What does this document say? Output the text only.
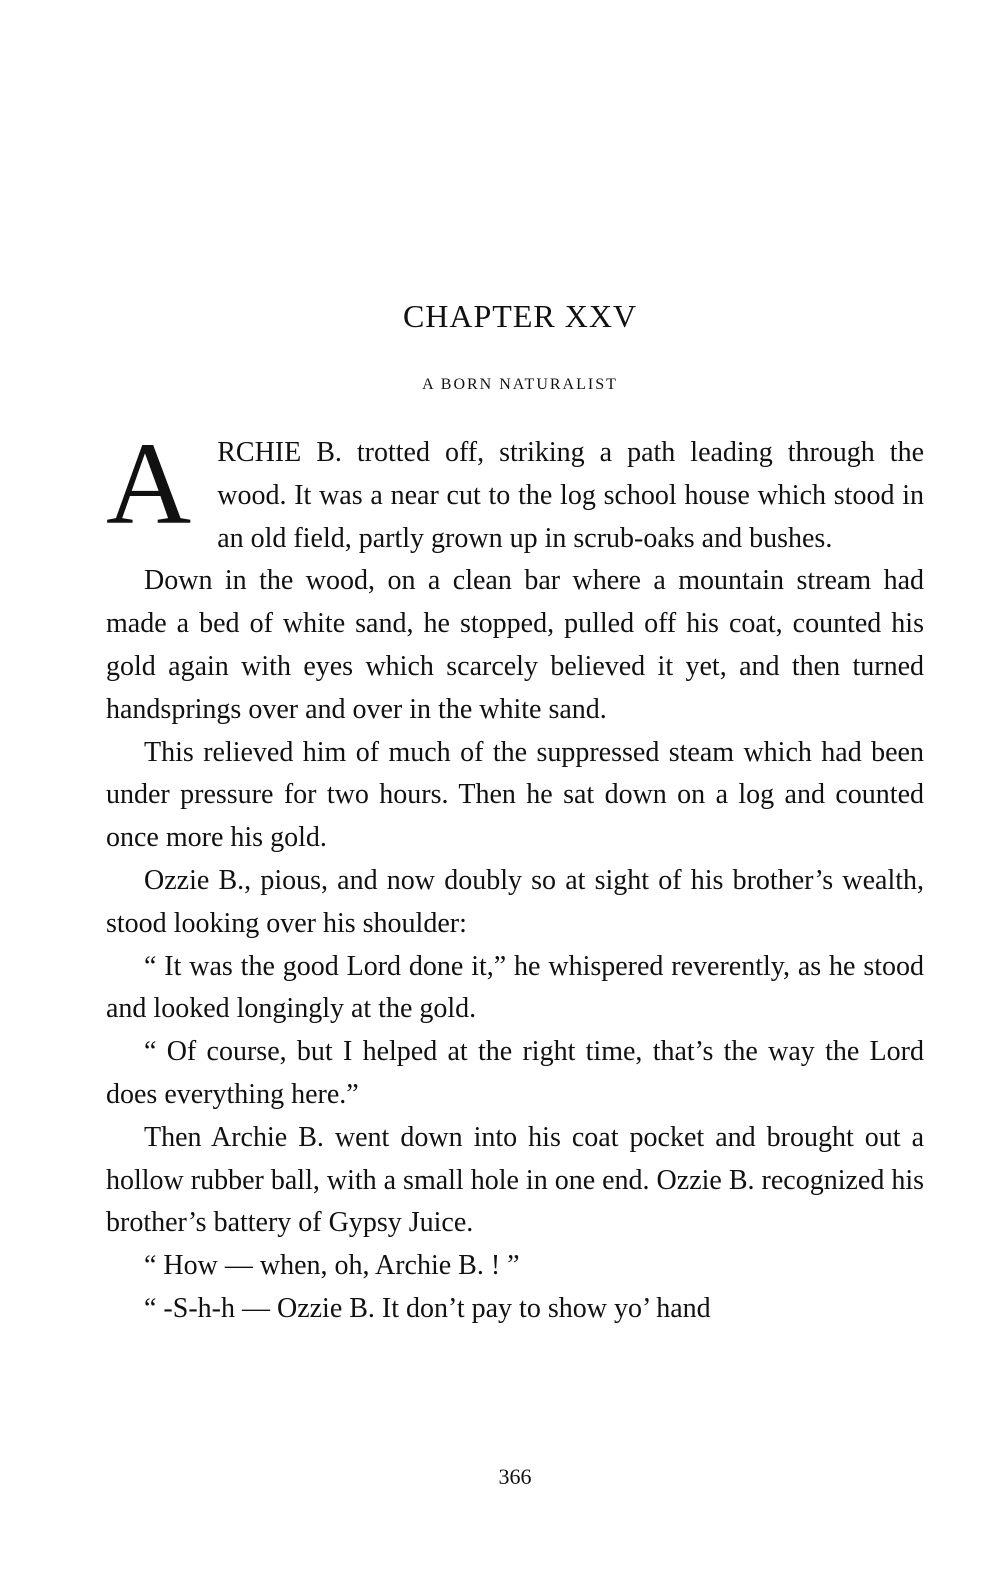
CHAPTER XXV
A BORN NATURALIST

ARCHIE B. trotted off, striking a path leading through the wood. It was a near cut to the log school house which stood in an old field, partly grown up in scrub-oaks and bushes.

Down in the wood, on a clean bar where a mountain stream had made a bed of white sand, he stopped, pulled off his coat, counted his gold again with eyes which scarcely believed it yet, and then turned handsprings over and over in the white sand.

This relieved him of much of the suppressed steam which had been under pressure for two hours. Then he sat down on a log and counted once more his gold.

Ozzie B., pious, and now doubly so at sight of his brother’s wealth, stood looking over his shoulder:

“ It was the good Lord done it,” he whispered reverently, as he stood and looked longingly at the gold.

“ Of course, but I helped at the right time, that’s the way the Lord does everything here.”

Then Archie B. went down into his coat pocket and brought out a hollow rubber ball, with a small hole in one end. Ozzie B. recognized his brother’s battery of Gypsy Juice.

“ How — when, oh, Archie B. ! ”

“ -S-h-h — Ozzie B. It don’t pay to show yo’ hand

366
